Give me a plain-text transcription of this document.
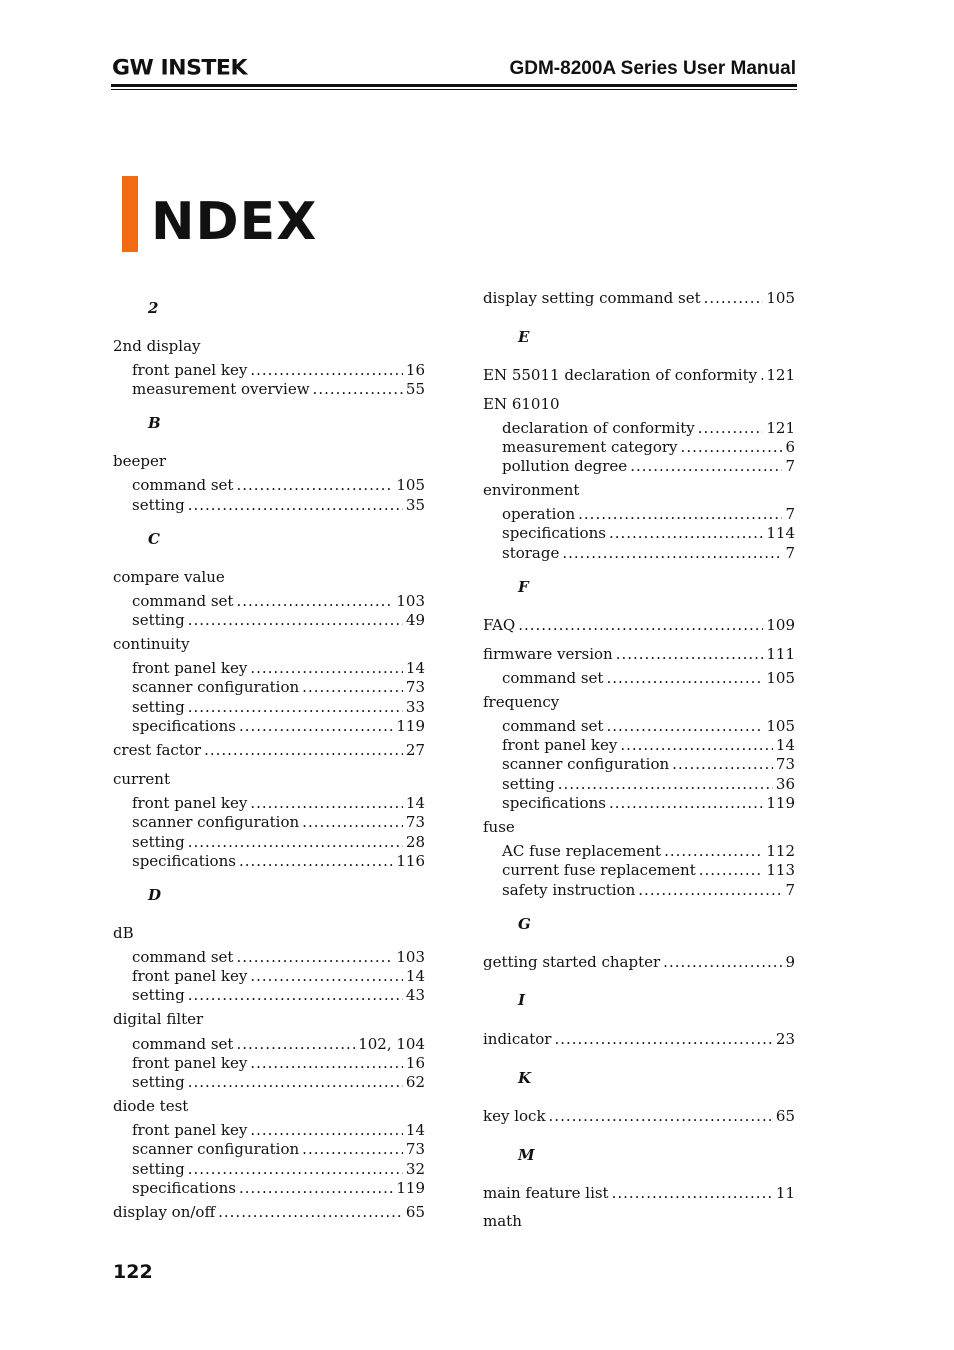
GW INSTEK	GDM-8200A Series User Manual
NDEX
2
2nd display
front panel key .....	16
measurement overview .....	55
B
beeper
command set .....	105
setting .....	35
C
compare value
command set .....	103
setting .....	49
continuity
front panel key .....	14
scanner configuration .....	73
setting .....	33
specifications .....	119
crest factor .....	27
current
front panel key .....	14
scanner configuration .....	73
setting .....	28
specifications .....	116
D
dB
command set .....	103
front panel key .....	14
setting .....	43
digital filter
command set .....	102, 104
front panel key .....	16
setting .....	62
diode test
front panel key .....	14
scanner configuration .....	73
setting .....	32
specifications .....	119
display on/off .....	65
display setting command set .....	105
E
EN 55011 declaration of conformity ..... 121
EN 61010
declaration of conformity .....	121
measurement category .....	6
pollution degree .....	7
environment
operation .....	7
specifications .....	114
storage .....	7
F
FAQ .....	109
firmware version .....	111
command set .....	105
frequency
command set .....	105
front panel key .....	14
scanner configuration .....	73
setting .....	36
specifications .....	119
fuse
AC fuse replacement .....	112
current fuse replacement .....	113
safety instruction .....	7
G
getting started chapter .....	9
I
indicator .....	23
K
key lock .....	65
M
main feature list .....	11
math
122
